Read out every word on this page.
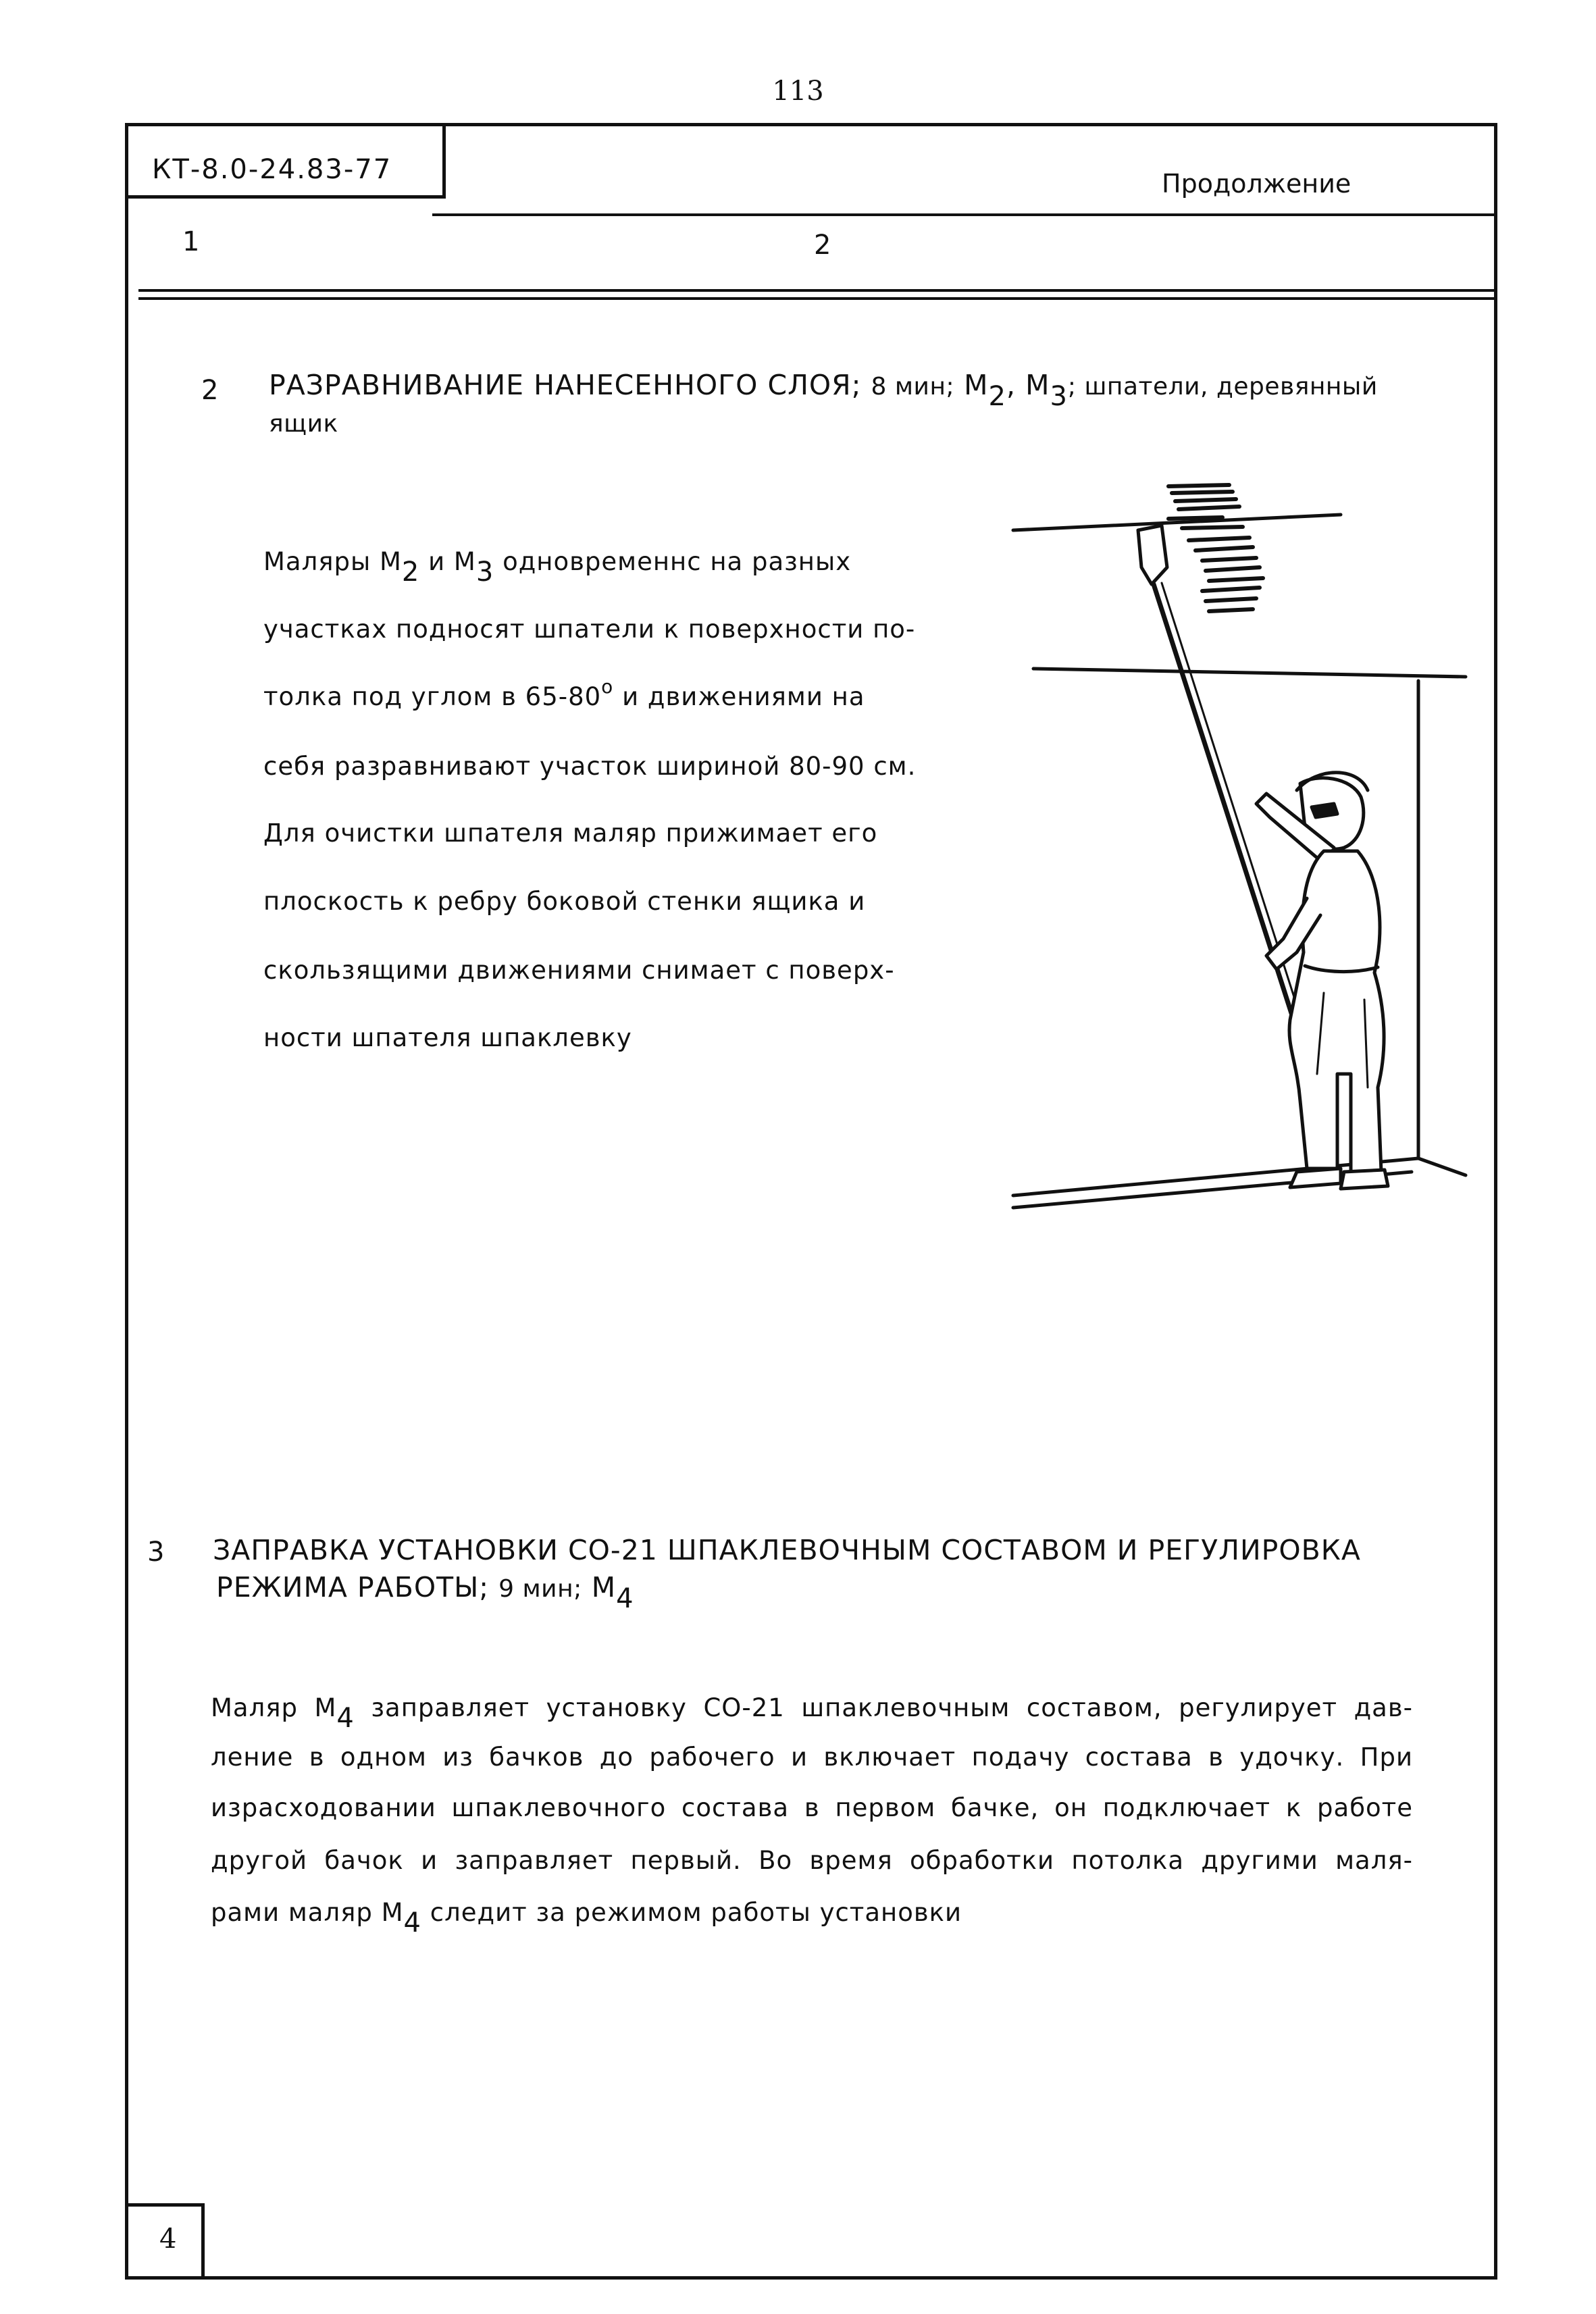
113
КТ-8.0-24.83-77	Продолжение
1	2
2 РАЗРАВНИВАНИЕ НАНЕСЕННОГО СЛОЯ; 8 мин; М2, М3; шпатели, деревянный
ящик
Маляры М2 и М3 одновременнс на разных
участках подносят шпатели к поверхности по-
толка под углом в $65-80^о$ и движениями на
себя разравнивают участок шириной 80-90 см.
Для очистки шпателя маляр прижимает его
плоскость к ребру боковой стенки ящика и
скользящими движениями снимает с поверх-
ности шпателя шпаклевку
3 ЗАПРАВКА УСТАНОВКИ СО-21 ШПАКЛЕВОЧНЫМ СОСТАВОМ И РЕГУЛИРОВКА
РЕЖИМА РАБОТЫ; 9 мин; М4
Маляр М4 заправляет установку СО-21 шпаклевочным составом, регулирует дав-
ление в одном из бачков до рабочего и включает подачу состава в удочку. При
израсходовании шпаклевочного состава в первом бачке, он подключает к работе
другой бачок и заправляет первый. Во время обработки потолка другими маля-
рами маляр М4 следит за режимом работы установки
4
